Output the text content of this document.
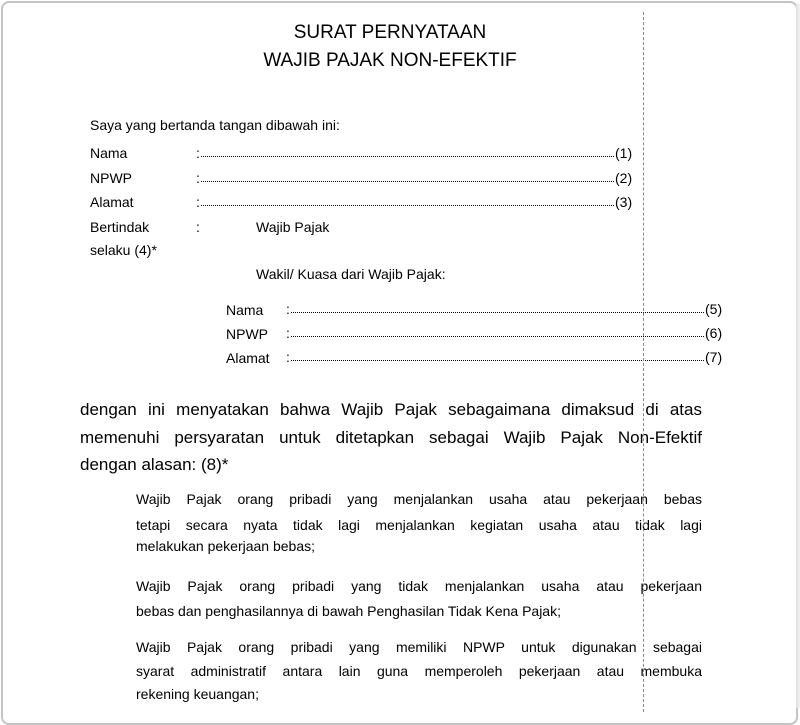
SURAT PERNYATAAN
WAJIB PAJAK NON-EFEKTIF
Saya yang bertanda tangan dibawah ini:
Nama	:	(1)
NPWP	:	(2)
Alamat	:	(3)
Bertindak
selaku (4)*
:	Wajib Pajak
Wakil/ Kuasa dari Wajib Pajak:
Nama :	(5)
NPWP :	(6)
Alamat :	(7)
dengan ini menyatakan bahwa Wajib Pajak sebagaimana dimaksud di atas
memenuhi persyaratan untuk ditetapkan sebagai Wajib Pajak Non-Efektif
dengan alasan: (8)*
Wajib Pajak orang pribadi yang menjalankan usaha atau pekerjaan bebas
tetapi secara nyata tidak lagi menjalankan kegiatan usaha atau tidak lagi
melakukan pekerjaan bebas;
Wajib Pajak orang pribadi yang tidak menjalankan usaha atau pekerjaan
bebas dan penghasilannya di bawah Penghasilan Tidak Kena Pajak;
Wajib Pajak orang pribadi yang memiliki NPWP untuk digunakan sebagai
syarat administratif antara lain guna memperoleh pekerjaan atau membuka
rekening keuangan;
